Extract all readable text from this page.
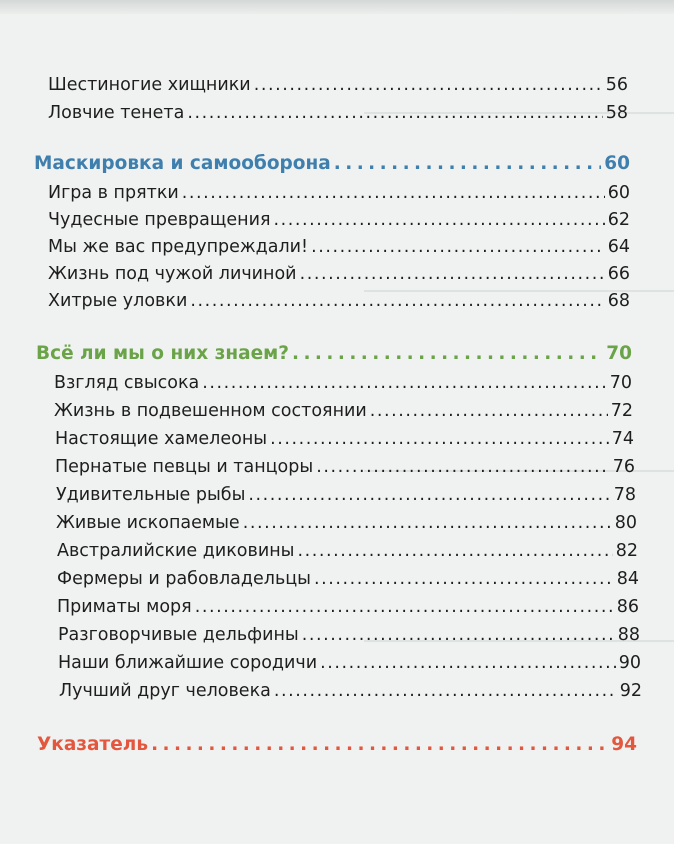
Шестиногие хищники . . .	56
Ловчие тенета . . .	58
Маскировка и самооборона . . .	60
Игра в прятки . . .	60
Чудесные превращения . . .	62
Мы же вас предупреждали! . . .	64
Жизнь под чужой личиной . . .	66
Хитрые уловки . . .	68
Всё ли мы о них знаем? . . .	70
Взгляд свысока . . .	70
Жизнь в подвешенном состоянии . . .	72
Настоящие хамелеоны . . .	74
Пернатые певцы и танцоры . . .	76
Удивительные рыбы . . .	78
Живые ископаемые . . .	80
Австралийские диковины . . .	82
Фермеры и рабовладельцы . . .	84
Приматы моря . . .	86
Разговорчивые дельфины . . .	88
Наши ближайшие сородичи . . .	90
Лучший друг человека . . .	92
Указатель . . .	94
